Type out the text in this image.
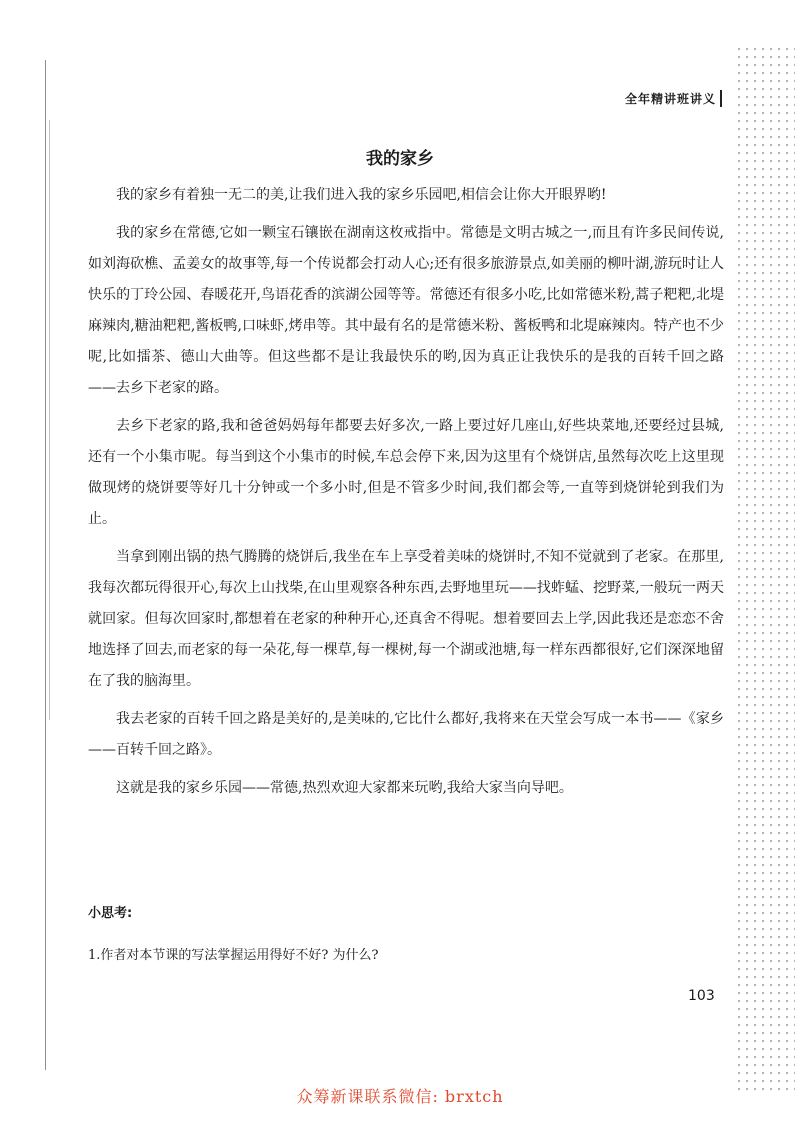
全年精讲班讲义
我的家乡

我的家乡有着独一无二的美,让我们进入我的家乡乐园吧,相信会让你大开眼界哟!

我的家乡在常德,它如一颗宝石镶嵌在湖南这枚戒指中。常德是文明古城之一,而且有许多民间传说,如刘海砍樵、孟姜女的故事等,每一个传说都会打动人心;还有很多旅游景点,如美丽的柳叶湖,游玩时让人快乐的丁玲公园、春暖花开,鸟语花香的滨湖公园等等。常德还有很多小吃,比如常德米粉,蒿子粑粑,北堤麻辣肉,糖油粑粑,酱板鸭,口味虾,烤串等。其中最有名的是常德米粉、酱板鸭和北堤麻辣肉。特产也不少呢,比如擂茶、德山大曲等。但这些都不是让我最快乐的哟,因为真正让我快乐的是我的百转千回之路——去乡下老家的路。

去乡下老家的路,我和爸爸妈妈每年都要去好多次,一路上要过好几座山,好些块菜地,还要经过县城,还有一个小集市呢。每当到这个小集市的时候,车总会停下来,因为这里有个烧饼店,虽然每次吃上这里现做现烤的烧饼要等好几十分钟或一个多小时,但是不管多少时间,我们都会等,一直等到烧饼轮到我们为止。

当拿到刚出锅的热气腾腾的烧饼后,我坐在车上享受着美味的烧饼时,不知不觉就到了老家。在那里,我每次都玩得很开心,每次上山找柴,在山里观察各种东西,去野地里玩——找蚱蜢、挖野菜,一般玩一两天就回家。但每次回家时,都想着在老家的种种开心,还真舍不得呢。想着要回去上学,因此我还是恋恋不舍地选择了回去,而老家的每一朵花,每一棵草,每一棵树,每一个湖或池塘,每一样东西都很好,它们深深地留在了我的脑海里。

我去老家的百转千回之路是美好的,是美味的,它比什么都好,我将来在天堂会写成一本书——《家乡——百转千回之路》。

这就是我的家乡乐园——常德,热烈欢迎大家都来玩哟,我给大家当向导吧。

小思考:
1.作者对本节课的写法掌握运用得好不好? 为什么?
103
众筹新课联系微信: brxtch
